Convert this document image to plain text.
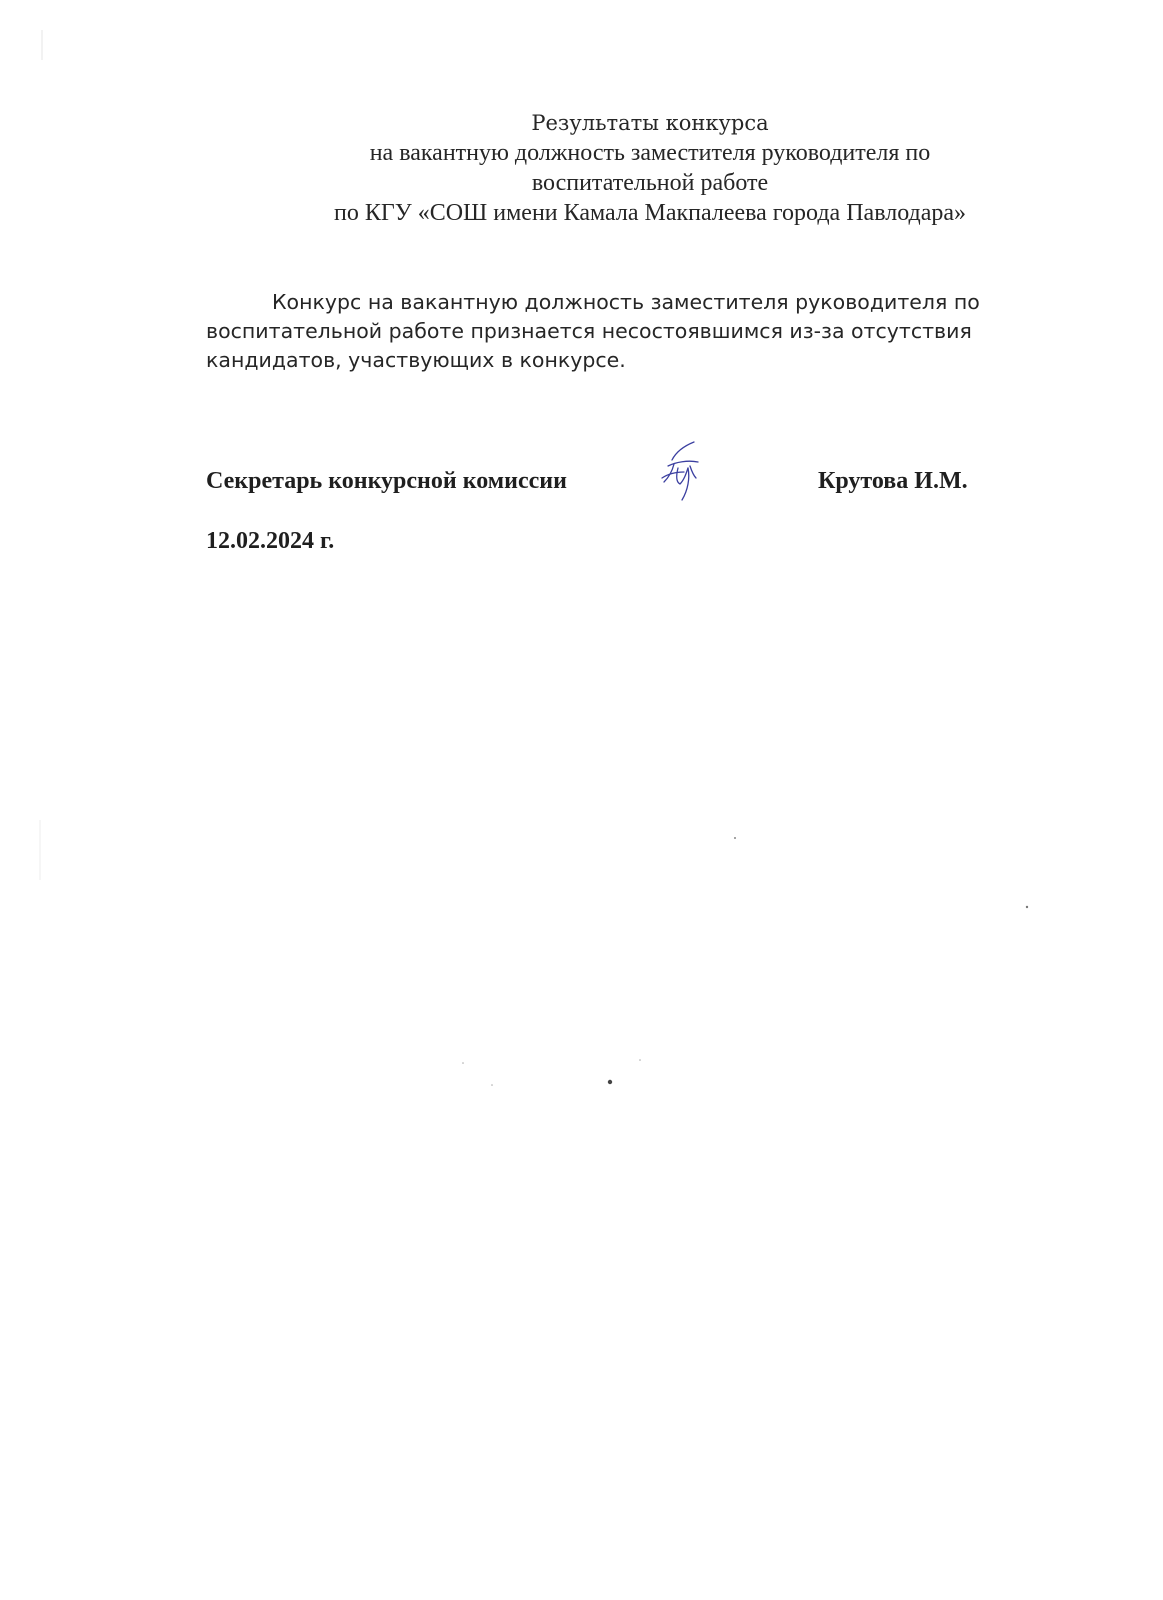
Результаты конкурса
на вакантную должность заместителя руководителя по
воспитательной работе
по КГУ «СОШ имени Камала Макпалеева города Павлодара»
Конкурс на вакантную должность заместителя руководителя по
воспитательной работе признается несостоявшимся из-за отсутствия
кандидатов, участвующих в конкурсе.
Секретарь конкурсной комиссии	Крутова И.М.
12.02.2024 г.
